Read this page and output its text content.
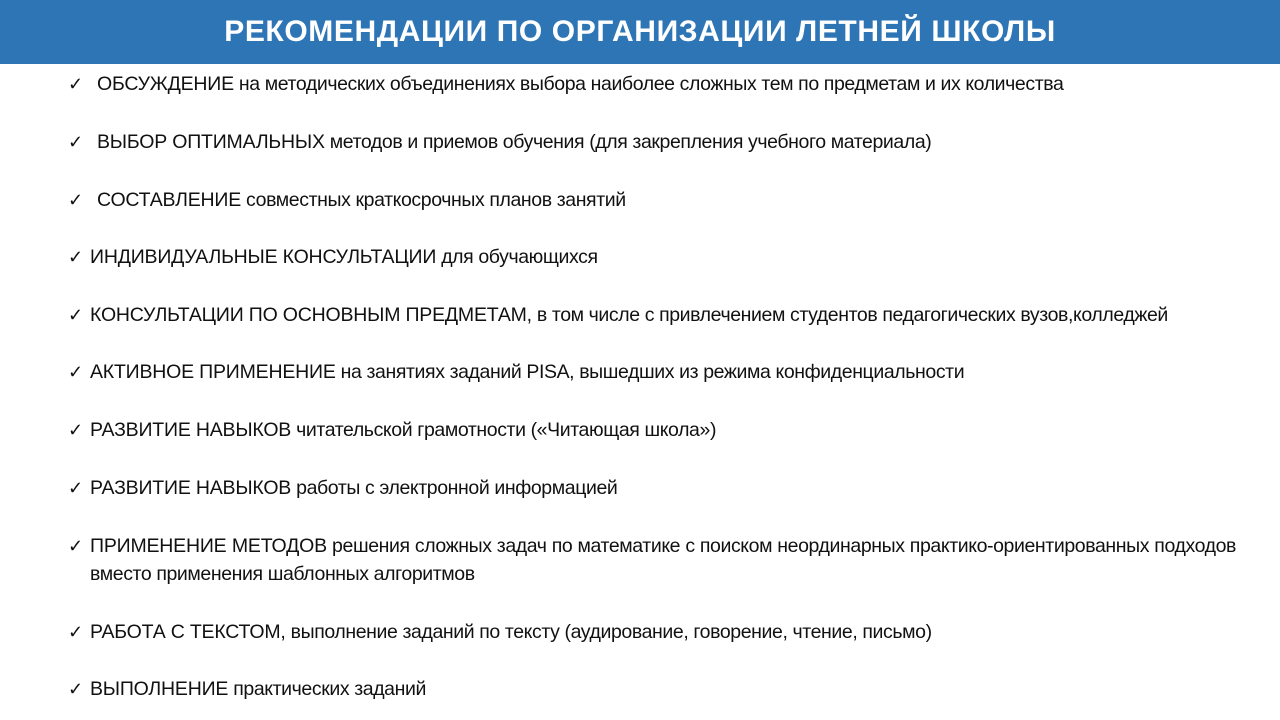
РЕКОМЕНДАЦИИ ПО ОРГАНИЗАЦИИ ЛЕТНЕЙ ШКОЛЫ
✓ ОБСУЖДЕНИЕ на методических объединениях выбора наиболее сложных тем по предметам и их количества
✓ ВЫБОР ОПТИМАЛЬНЫХ методов и приемов обучения (для закрепления учебного материала)
✓ СОСТАВЛЕНИЕ совместных краткосрочных планов занятий
✓ ИНДИВИДУАЛЬНЫЕ КОНСУЛЬТАЦИИ для обучающихся
✓ КОНСУЛЬТАЦИИ ПО ОСНОВНЫМ ПРЕДМЕТАМ, в том числе с привлечением студентов педагогических вузов,колледжей
✓ АКТИВНОЕ ПРИМЕНЕНИЕ на занятиях заданий PISA, вышедших из режима конфиденциальности
✓ РАЗВИТИЕ НАВЫКОВ читательской грамотности («Читающая школа»)
✓ РАЗВИТИЕ НАВЫКОВ работы с электронной информацией
✓ ПРИМЕНЕНИЕ МЕТОДОВ решения сложных задач по математике с поиском неординарных практико-ориентированных подходов вместо применения шаблонных алгоритмов
✓ РАБОТА С ТЕКСТОМ, выполнение заданий по тексту (аудирование, говорение, чтение, письмо)
✓ ВЫПОЛНЕНИЕ практических заданий
